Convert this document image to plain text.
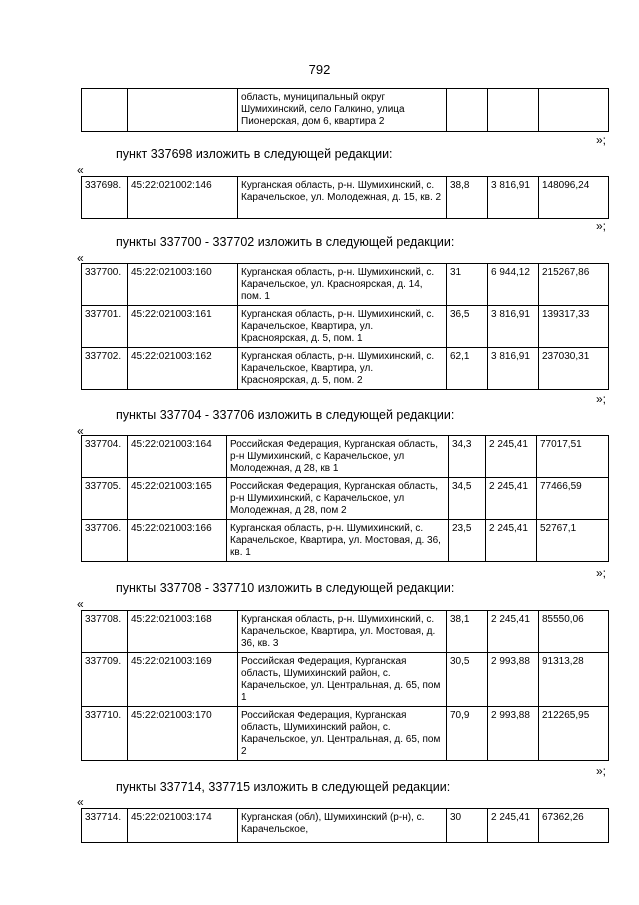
792
		область, муниципальный округ Шумихинский, село Галкино, улица Пионерская, дом 6, квартира 2			
»;
пункт 337698 изложить в следующей редакции:
«
337698.	45:22:021002:146	Курганская область, р-н. Шумихинский, с. Карачельское, ул. Молодежная, д. 15, кв. 2	38,8	3 816,91	148096,24
»;
пункты 337700 - 337702 изложить в следующей редакции:
«
337700.	45:22:021003:160	Курганская область, р-н. Шумихинский, с. Карачельское, ул. Красноярская, д. 14, пом. 1	31	6 944,12	215267,86
337701.	45:22:021003:161	Курганская область, р-н. Шумихинский, с. Карачельское, Квартира, ул. Красноярская, д. 5, пом. 1	36,5	3 816,91	139317,33
337702.	45:22:021003:162	Курганская область, р-н. Шумихинский, с. Карачельское, Квартира, ул. Красноярская, д. 5, пом. 2	62,1	3 816,91	237030,31
»;
пункты 337704 - 337706 изложить в следующей редакции:
«
337704.	45:22:021003:164	Российская Федерация, Курганская область, р-н Шумихинский, с Карачельское, ул Молодежная, д 28, кв 1	34,3	2 245,41	77017,51
337705.	45:22:021003:165	Российская Федерация, Курганская область, р-н Шумихинский, с Карачельское, ул Молодежная, д 28, пом 2	34,5	2 245,41	77466,59
337706.	45:22:021003:166	Курганская область, р-н. Шумихинский, с. Карачельское, Квартира, ул. Мостовая, д. 36, кв. 1	23,5	2 245,41	52767,1
»;
пункты 337708 - 337710 изложить в следующей редакции:
«
337708.	45:22:021003:168	Курганская область, р-н. Шумихинский, с. Карачельское, Квартира, ул. Мостовая, д. 36, кв. 3	38,1	2 245,41	85550,06
337709.	45:22:021003:169	Российская Федерация, Курганская область, Шумихинский район, с. Карачельское, ул. Центральная, д. 65, пом 1	30,5	2 993,88	91313,28
337710.	45:22:021003:170	Российская Федерация, Курганская область, Шумихинский район, с. Карачельское, ул. Центральная, д. 65, пом 2	70,9	2 993,88	212265,95
»;
пункты 337714, 337715 изложить в следующей редакции:
«
337714.	45:22:021003:174	Курганская (обл), Шумихинский (р-н), с. Карачельское,	30	2 245,41	67362,26
